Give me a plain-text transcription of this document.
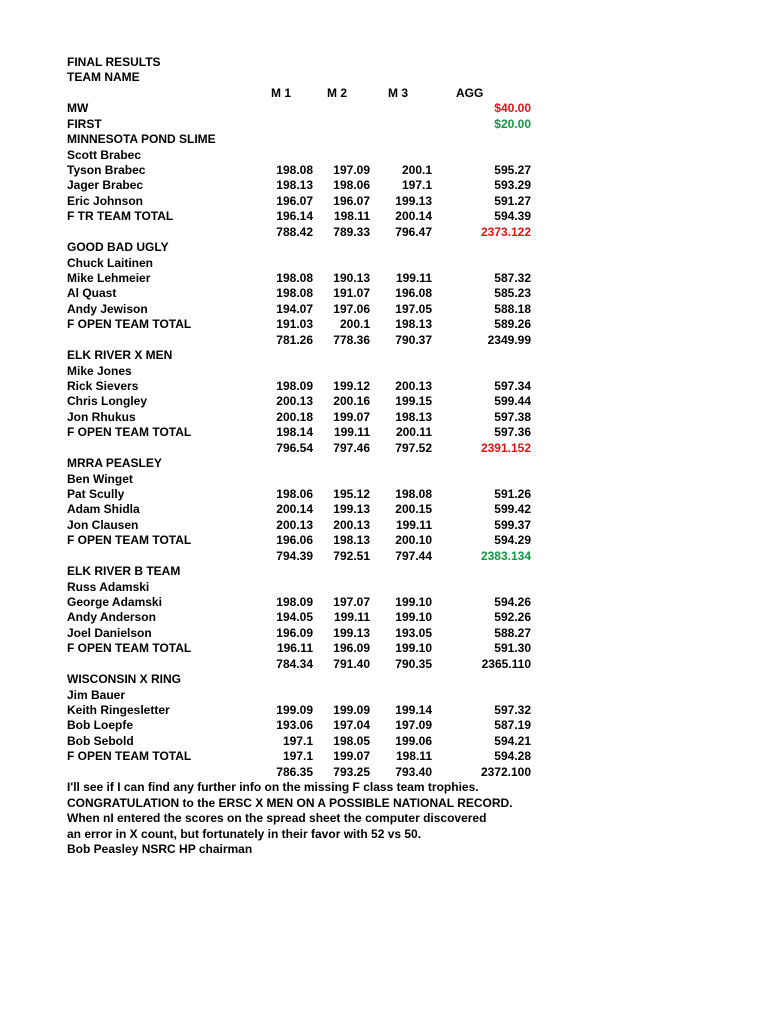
FINAL RESULTS
TEAM NAME
M 1	M 2	M 3	AGG
MW	$40.00
FIRST	$20.00
MINNESOTA POND SLIME
Scott Brabec
Tyson Brabec	198.08 197.09	200.1	595.27
Jager Brabec	198.13 198.06	197.1	593.29
Eric Johnson	196.07 196.07 199.13	591.27
F TR TEAM TOTAL	196.14 198.11 200.14	594.39
788.42 789.33 796.47	2373.122
GOOD BAD UGLY
Chuck Laitinen
Mike Lehmeier	198.08 190.13 199.11	587.32
Al Quast	198.08 191.07 196.08	585.23
Andy Jewison	194.07 197.06 197.05	588.18
F OPEN TEAM TOTAL	191.03 200.1 198.13	589.26
781.26 778.36 790.37	2349.99
ELK RIVER X MEN
Mike Jones
Rick Sievers	198.09 199.12 200.13	597.34
Chris Longley	200.13 200.16 199.15	599.44
Jon Rhukus	200.18 199.07 198.13	597.38
F OPEN TEAM TOTAL	198.14 199.11 200.11	597.36
796.54 797.46 797.52	2391.152
MRRA PEASLEY
Ben Winget
Pat Scully	198.06 195.12 198.08	591.26
Adam Shidla	200.14 199.13 200.15	599.42
Jon Clausen	200.13 200.13 199.11	599.37
F OPEN TEAM TOTAL	196.06 198.13 200.10	594.29
794.39 792.51 797.44	2383.134
ELK RIVER B TEAM
Russ Adamski
George Adamski	198.09 197.07 199.10	594.26
Andy Anderson	194.05 199.11 199.10	592.26
Joel Danielson	196.09 199.13 193.05	588.27
F OPEN TEAM TOTAL	196.11 196.09 199.10	591.30
784.34 791.40 790.35	2365.110
WISCONSIN X RING
Jim Bauer
Keith Ringesletter	199.09 199.09 199.14	597.32
Bob Loepfe	193.06 197.04 197.09	587.19
Bob Sebold	197.1 198.05 199.06	594.21
F OPEN TEAM TOTAL	197.1 199.07 198.11	594.28
786.35 793.25 793.40	2372.100
I'll see if I can find any further info on the missing F class team trophies.
CONGRATULATION to the ERSC X MEN ON A POSSIBLE NATIONAL RECORD.
When nI entered the scores on the spread sheet the computer discovered
an error in X count, but fortunately in their favor with 52 vs 50.
Bob Peasley NSRC HP chairman
